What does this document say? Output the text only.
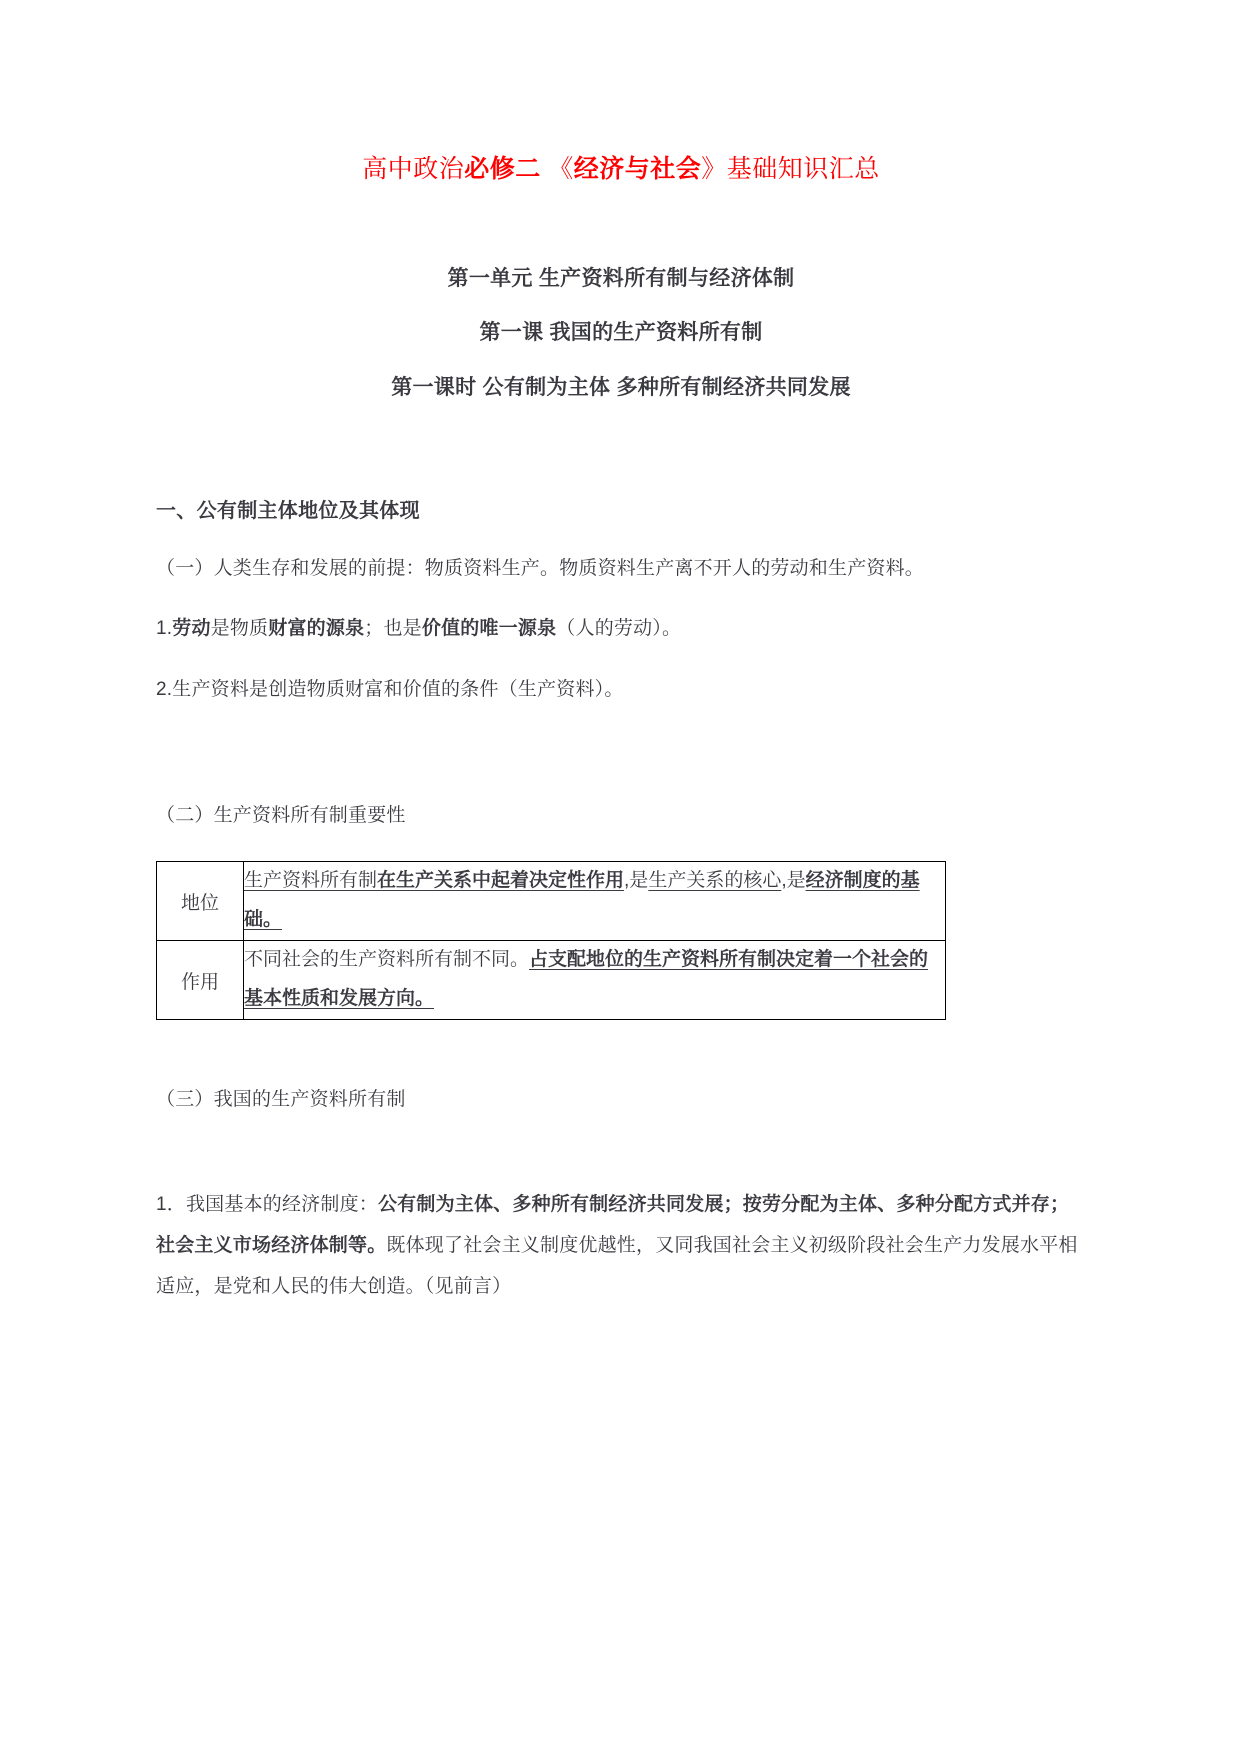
高中政治必修二 《经济与社会》基础知识汇总
第一单元 生产资料所有制与经济体制
第一课 我国的生产资料所有制
第一课时 公有制为主体 多种所有制经济共同发展
一、公有制主体地位及其体现

（一）人类生存和发展的前提：物质资料生产。物质资料生产离不开人的劳动和生产资料。

1.劳动是物质财富的源泉；也是价值的唯一源泉（人的劳动）。

2.生产资料是创造物质财富和价值的条件（生产资料）。

（二）生产资料所有制重要性

地位	生产资料所有制在生产关系中起着决定性作用,是生产关系的核心,是经济制度的基础。
作用	不同社会的生产资料所有制不同。占支配地位的生产资料所有制决定着一个社会的基本性质和发展方向。

（三）我国的生产资料所有制

1．我国基本的经济制度：公有制为主体、多种所有制经济共同发展；按劳分配为主体、多种分配方式并存；社会主义市场经济体制等。既体现了社会主义制度优越性，又同我国社会主义初级阶段社会生产力发展水平相适应，是党和人民的伟大创造。（见前言）
